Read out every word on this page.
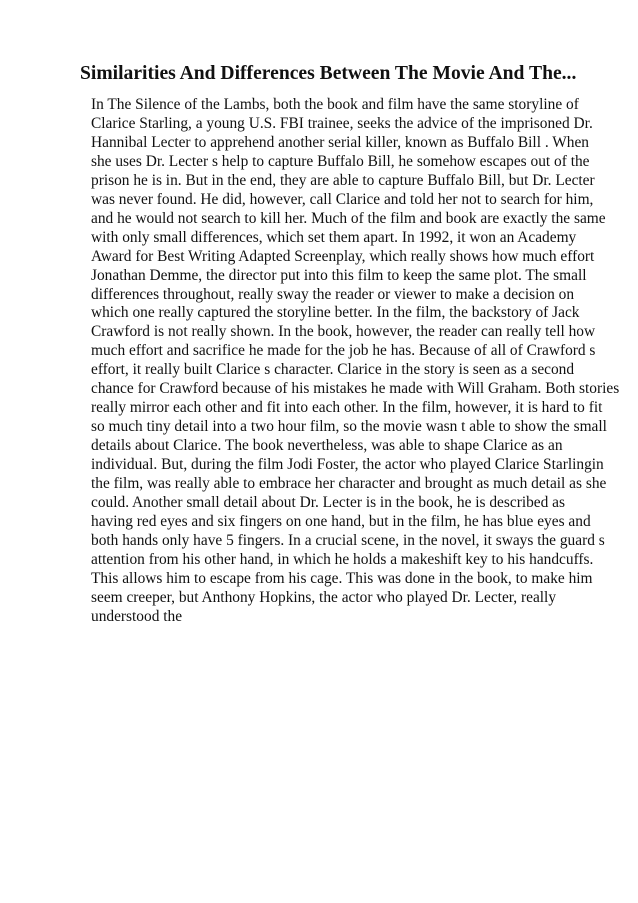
Similarities And Differences Between The Movie And The...
In The Silence of the Lambs, both the book and film have the same storyline of
Clarice Starling, a young U.S. FBI trainee, seeks the advice of the imprisoned Dr.
Hannibal Lecter to apprehend another serial killer, known as Buffalo Bill . When
she uses Dr. Lecter s help to capture Buffalo Bill, he somehow escapes out of the
prison he is in. But in the end, they are able to capture Buffalo Bill, but Dr. Lecter
was never found. He did, however, call Clarice and told her not to search for him,
and he would not search to kill her. Much of the film and book are exactly the same
with only small differences, which set them apart. In 1992, it won an Academy
Award for Best Writing Adapted Screenplay, which really shows how much effort
Jonathan Demme, the director put into this film to keep the same plot. The small
differences throughout, really sway the reader or viewer to make a decision on
which one really captured the storyline better. In the film, the backstory of Jack
Crawford is not really shown. In the book, however, the reader can really tell how
much effort and sacrifice he made for the job he has. Because of all of Crawford s
effort, it really built Clarice s character. Clarice in the story is seen as a second
chance for Crawford because of his mistakes he made with Will Graham. Both stories
really mirror each other and fit into each other. In the film, however, it is hard to fit
so much tiny detail into a two hour film, so the movie wasn t able to show the small
details about Clarice. The book nevertheless, was able to shape Clarice as an
individual. But, during the film Jodi Foster, the actor who played Clarice Starlingin
the film, was really able to embrace her character and brought as much detail as she
could. Another small detail about Dr. Lecter is in the book, he is described as
having red eyes and six fingers on one hand, but in the film, he has blue eyes and
both hands only have 5 fingers. In a crucial scene, in the novel, it sways the guard s
attention from his other hand, in which he holds a makeshift key to his handcuffs.
This allows him to escape from his cage. This was done in the book, to make him
seem creeper, but Anthony Hopkins, the actor who played Dr. Lecter, really
understood the
